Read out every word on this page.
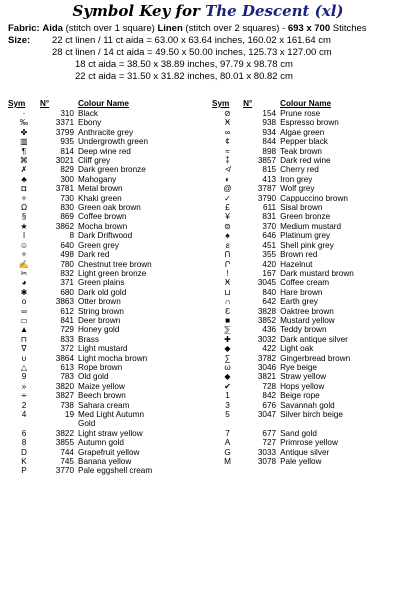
Symbol Key for The Descent (xl)
Fabric: Aida (stitch over 1 square) Linen (stitch over 2 squares) - 693 x 700 Stitches
Size: 22 ct linen / 11 ct aida = 63.00 x 63.64 inches, 160.02 x 161.64 cm
28 ct linen / 14 ct aida = 49.50 x 50.00 inches, 125.73 x 127.00 cm
18 ct aida = 38.50 x 38.89 inches, 97.79 x 98.78 cm
22 ct aida = 31.50 x 31.82 inches, 80.01 x 80.82 cm
Sym	N°	Colour Name
·	310	Black
‰	3371	Ebony
✤	3799	Anthracite grey
▥	935	Undergrowth green
¶	814	Deep wine red
⌘	3021	Cliff grey
✗	829	Dark green bronze
♣	300	Mahogany
◘	3781	Metal brown
✧	730	Khaki green
Ω	830	Green oak brown
§	869	Coffee brown
★	3862	Mocha brown
Ɩ	8	Dark Driftwood
☺	640	Green grey
✧	498	Dark red
✍	780	Chestnut tree brown
✂	832	Light green bronze
◕	371	Green plains
✱	680	Dark old gold
o	3863	Otter brown
∞	612	String brown
▭	841	Deer brown
▲	729	Honey gold
⊓	833	Brass
∇	372	Light mustard
υ	3864	Light mocha brown
△	613	Rope brown
9	783	Old gold
»	3820	Maize yellow
∻	3827	Beech brown
2	738	Sahara cream
4	19	Med Light Autumn
		Gold
6	3822	Light straw yellow
8	3855	Autumn gold
D	744	Grapefruit yellow
K	745	Banana yellow
P	3770	Pale eggshell cream
Sym	N°	Colour Name
⊘	154	Prune rose
Ӿ	938	Espresso brown
∞	934	Algae green
¢	844	Pepper black
≈	898	Teak brown
⁑	3857	Dark red wine
≮	815	Cherry red
◐	413	Iron grey
@	3787	Wolf grey
✓	3790	Cappuccino brown
£	611	Sisal brown
¥	831	Green bronze
⊜	370	Medium mustard
♠	646	Platinum grey
ƨ	451	Shell pink grey
Ո	355	Brown red
Ր	420	Hazelnut
!	167	Dark mustard brown
Ӿ	3045	Coffee cream
⊔	840	Hare brown
∩	642	Earth grey
Ɛ	3828	Oaktree brown
■	3852	Mustard yellow
⅀	436	Teddy brown
✚	3032	Dark antique silver
◆	422	Light oak
∑	3782	Gingerbread brown
ω	3046	Rye beige
◆	3821	Straw yellow
✔	728	Hops yellow
1	842	Beige rope
3	676	Savannah gold
5	3047	Silver birch beige

7	677	Sand gold
A	727	Primrose yellow
G	3033	Antique silver
M	3078	Pale yellow
